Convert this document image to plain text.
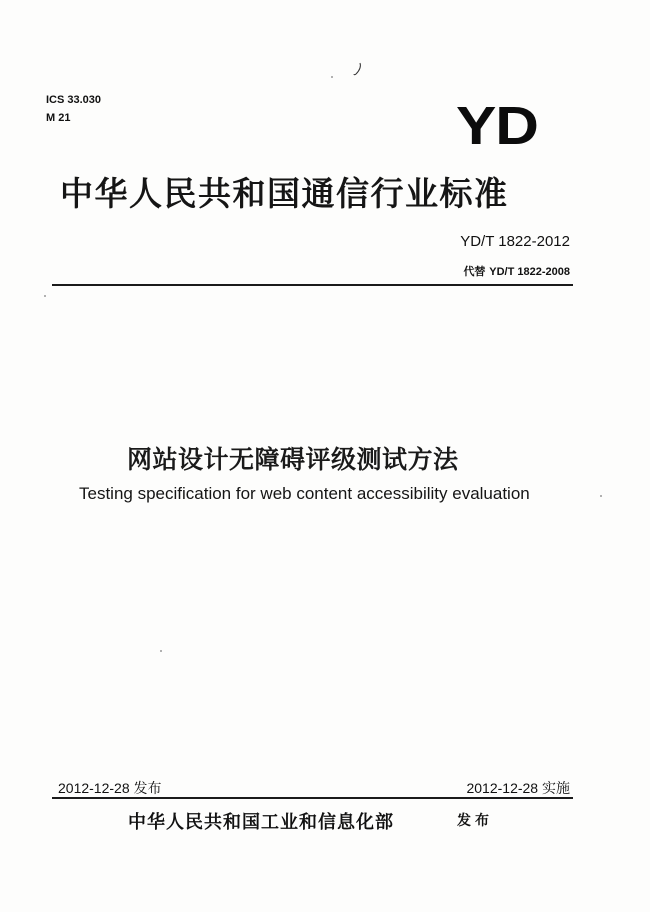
ICS 33.030
M 21	YD
中华人民共和国通信行业标准
YD/T 1822-2012
代替 YD/T 1822-2008
网站设计无障碍评级测试方法
Testing specification for web content accessibility evaluation
2012-12-28 发布	2012-12-28 实施
中华人民共和国工业和信息化部	发布
